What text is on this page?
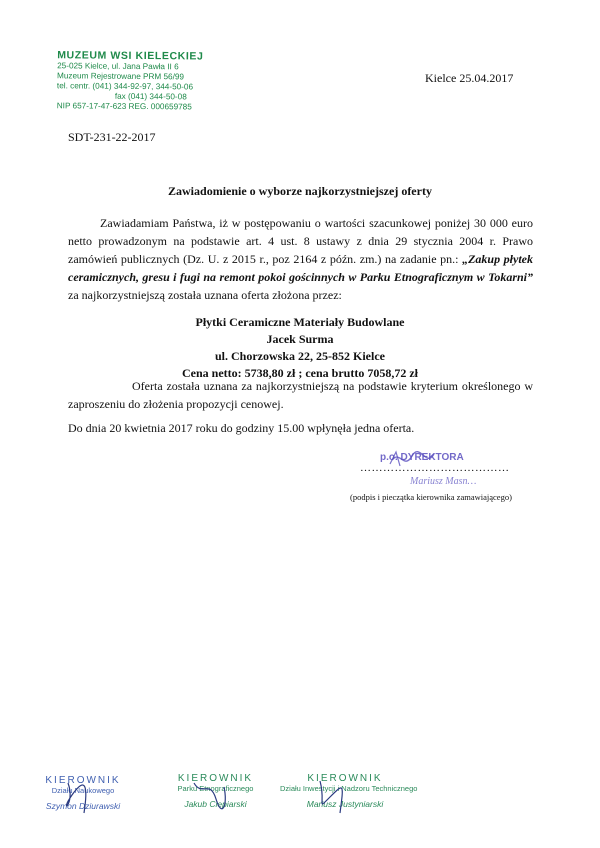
MUZEUM WSI KIELECKIEJ
25-025 Kielce, ul. Jana Pawła II 6
Muzeum Rejestrowane PRM 56/99
tel. centr. (041) 344-92-97, 344-50-06
fax (041) 344-50-08
NIP 657-17-47-623 REG. 000659785
Kielce 25.04.2017
SDT-231-22-2017
Zawiadomienie o wyborze najkorzystniejszej oferty

Zawiadamiam Państwa, iż w postępowaniu o wartości szacunkowej poniżej 30 000 euro netto prowadzonym na podstawie art. 4 ust. 8 ustawy z dnia 29 stycznia 2004 r. Prawo zamówień publicznych (Dz. U. z 2015 r., poz 2164 z późn. zm.) na zadanie pn.: „Zakup płytek ceramicznych, gresu i fugi na remont pokoi gościnnych w Parku Etnograficznym w Tokarni” za najkorzystniejszą została uznana oferta złożona przez:

Płytki Ceramiczne Materiały Budowlane
Jacek Surma
ul. Chorzowska 22, 25-852 Kielce
Cena netto: 5738,80 zł ; cena brutto 7058,72 zł

Oferta została uznana za najkorzystniejszą na podstawie kryterium określonego w zaproszeniu do złożenia propozycji cenowej.

Do dnia 20 kwietnia 2017 roku do godziny 15.00 wpłynęła jedna oferta.

p.o. DYREKTORA
…………………………………
Mariusz Masn…
(podpis i pieczątka kierownika zamawiającego)
KIEROWNIK
Działu Naukowego
Szymon Dziurawski
KIEROWNIK
Parku Etnograficznego
Jakub Ciepiarski
KIEROWNIK
Działu Inwestycji i Nadzoru Technicznego
Mariusz Justyniarski
